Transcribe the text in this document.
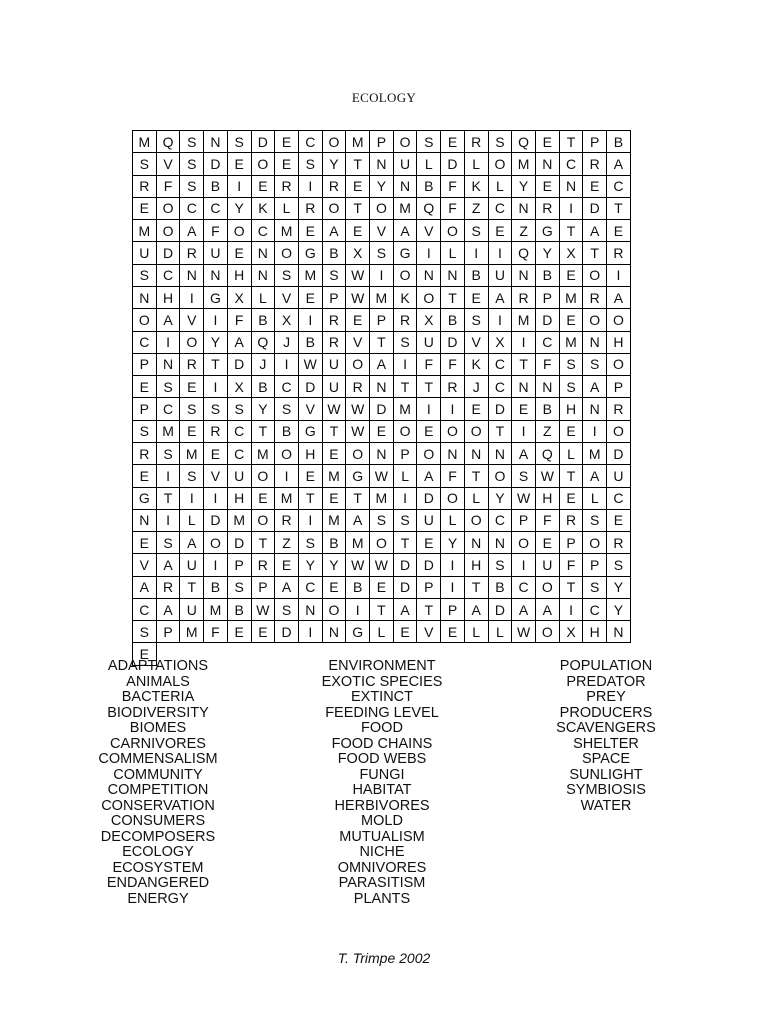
ECOLOGY
M Q S N S D E C O M P O S	E R S Q E	T	P	B
S	V	S D E O E	S	Y	T	N U	L	D	L	O M N C R A
R	F	S	B	I	E R	I	R E	Y N B	F	K	L	Y	E N E C
E O C C Y	K	L	R O T O M Q F	Z	C N R	I	D	T
M O A	F O C M E	A	E	V	A	V O S	E	Z G T	A	E
U D R U E N O G B	X	S G	I	L	I	I	Q Y	X	T	R
S C N N H N S M S W	I	O N N B U N B	E O	I
N H	I	G X	L	V	E	P W M K O T	E	A R P M R A
O A	V	I	F	B	X	I	R E	P R X	B	S	I	M D E O O
C	I	O Y	A Q	J	B R V	T	S U D V	X	I	C M N H
P N R	T	D	J	I	W U O A	I	F	F	K C	T	F	S	S O
E	S	E	I	X	B C D U R N	T	T	R	J	C N N S	A	P
P C S	S	S	Y	S	V W W D M	I	I	E D E	B H N R
S M E R C	T	B G T W E O E O O T	I	Z	E	I	O
R S M E C M O H E O N P O N N N A Q	L M D
E	I	S	V U O	I	E M G W L	A	F	T O S W T	A U
G T	I	I	H E M T	E	T M	I	D O	L	Y W H E	L	C
N	I	L	D M O R	I	M A	S	S U	L	O C P	F	R S	E
E	S	A O D	T	Z	S	B M O T	E	Y N N O E	P O R
V	A U	I	P R E	Y	Y W W D D	I	H S	I	U	F	P	S
A R	T	B	S	P	A C E	B	E D P	I	T	B C O T	S	Y
C A U M B W S N O	I	T	A	T	P	A D A	A	I	C Y
S	P M F	E	E D	I	N G	L	E	V	E	L	L W O X H N
E
ADAPTATIONS
ANIMALS
BACTERIA
BIODIVERSITY
BIOMES
CARNIVORES
COMMENSALISM
COMMUNITY
COMPETITION
CONSERVATION
CONSUMERS
DECOMPOSERS
ECOLOGY
ECOSYSTEM
ENDANGERED
ENERGY
ENVIRONMENT
EXOTIC SPECIES
EXTINCT
FEEDING LEVEL
FOOD
FOOD CHAINS
FOOD WEBS
FUNGI
HABITAT
HERBIVORES
MOLD
MUTUALISM
NICHE
OMNIVORES
PARASITISM
PLANTS
POPULATION
PREDATOR
PREY
PRODUCERS
SCAVENGERS
SHELTER
SPACE
SUNLIGHT
SYMBIOSIS
WATER
T. Trimpe 2002
